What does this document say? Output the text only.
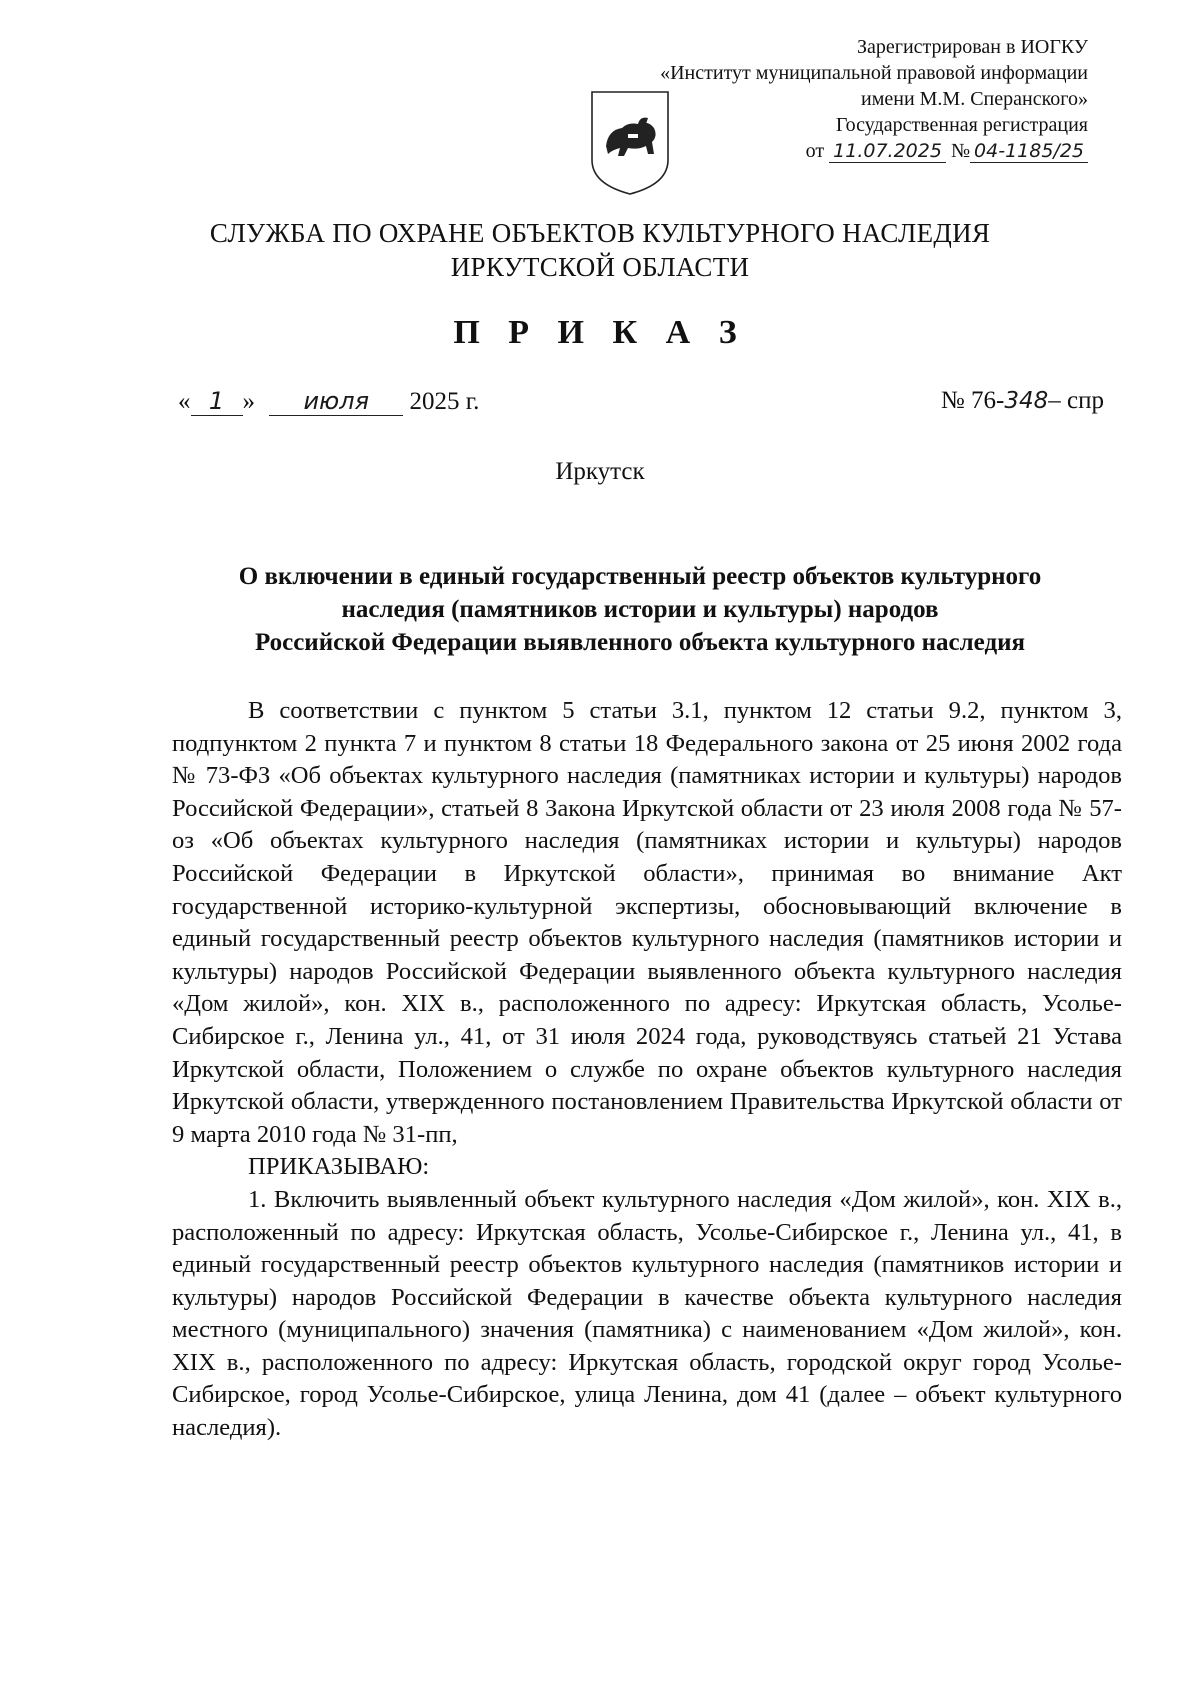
Зарегистрирован в ИОГКУ
«Институт муниципальной правовой информации
имени М.М. Сперанского»
Государственная регистрация
от 11.07.2025 № 04-1185/25
СЛУЖБА ПО ОХРАНЕ ОБЪЕКТОВ КУЛЬТУРНОГО НАСЛЕДИЯ
ИРКУТСКОЙ ОБЛАСТИ
П Р И К А З
« 1 » июля 2025 г.	№ 76-348– спр
Иркутск
О включении в единый государственный реестр объектов культурного
наследия (памятников истории и культуры) народов
Российской Федерации выявленного объекта культурного наследия

В соответствии с пунктом 5 статьи 3.1, пунктом 12 статьи 9.2, пунктом 3, подпунктом 2 пункта 7 и пунктом 8 статьи 18 Федерального закона от 25 июня 2002 года № 73-ФЗ «Об объектах культурного наследия (памятниках истории и культуры) народов Российской Федерации», статьей 8 Закона Иркутской области от 23 июля 2008 года № 57-оз «Об объектах культурного наследия (памятниках истории и культуры) народов Российской Федерации в Иркутской области», принимая во внимание Акт государственной историко-культурной экспертизы, обосновывающий включение в единый государственный реестр объектов культурного наследия (памятников истории и культуры) народов Российской Федерации выявленного объекта культурного наследия «Дом жилой», кон. XIX в., расположенного по адресу: Иркутская область, Усолье-Сибирское г., Ленина ул., 41, от 31 июля 2024 года, руководствуясь статьей 21 Устава Иркутской области, Положением о службе по охране объектов культурного наследия Иркутской области, утвержденного постановлением Правительства Иркутской области от 9 марта 2010 года № 31-пп,

ПРИКАЗЫВАЮ:

1. Включить выявленный объект культурного наследия «Дом жилой», кон. XIX в., расположенный по адресу: Иркутская область, Усолье-Сибирское г., Ленина ул., 41, в единый государственный реестр объектов культурного наследия (памятников истории и культуры) народов Российской Федерации в качестве объекта культурного наследия местного (муниципального) значения (памятника) с наименованием «Дом жилой», кон. XIX в., расположенного по адресу: Иркутская область, городской округ город Усолье-Сибирское, город Усолье-Сибирское, улица Ленина, дом 41 (далее – объект культурного наследия).
